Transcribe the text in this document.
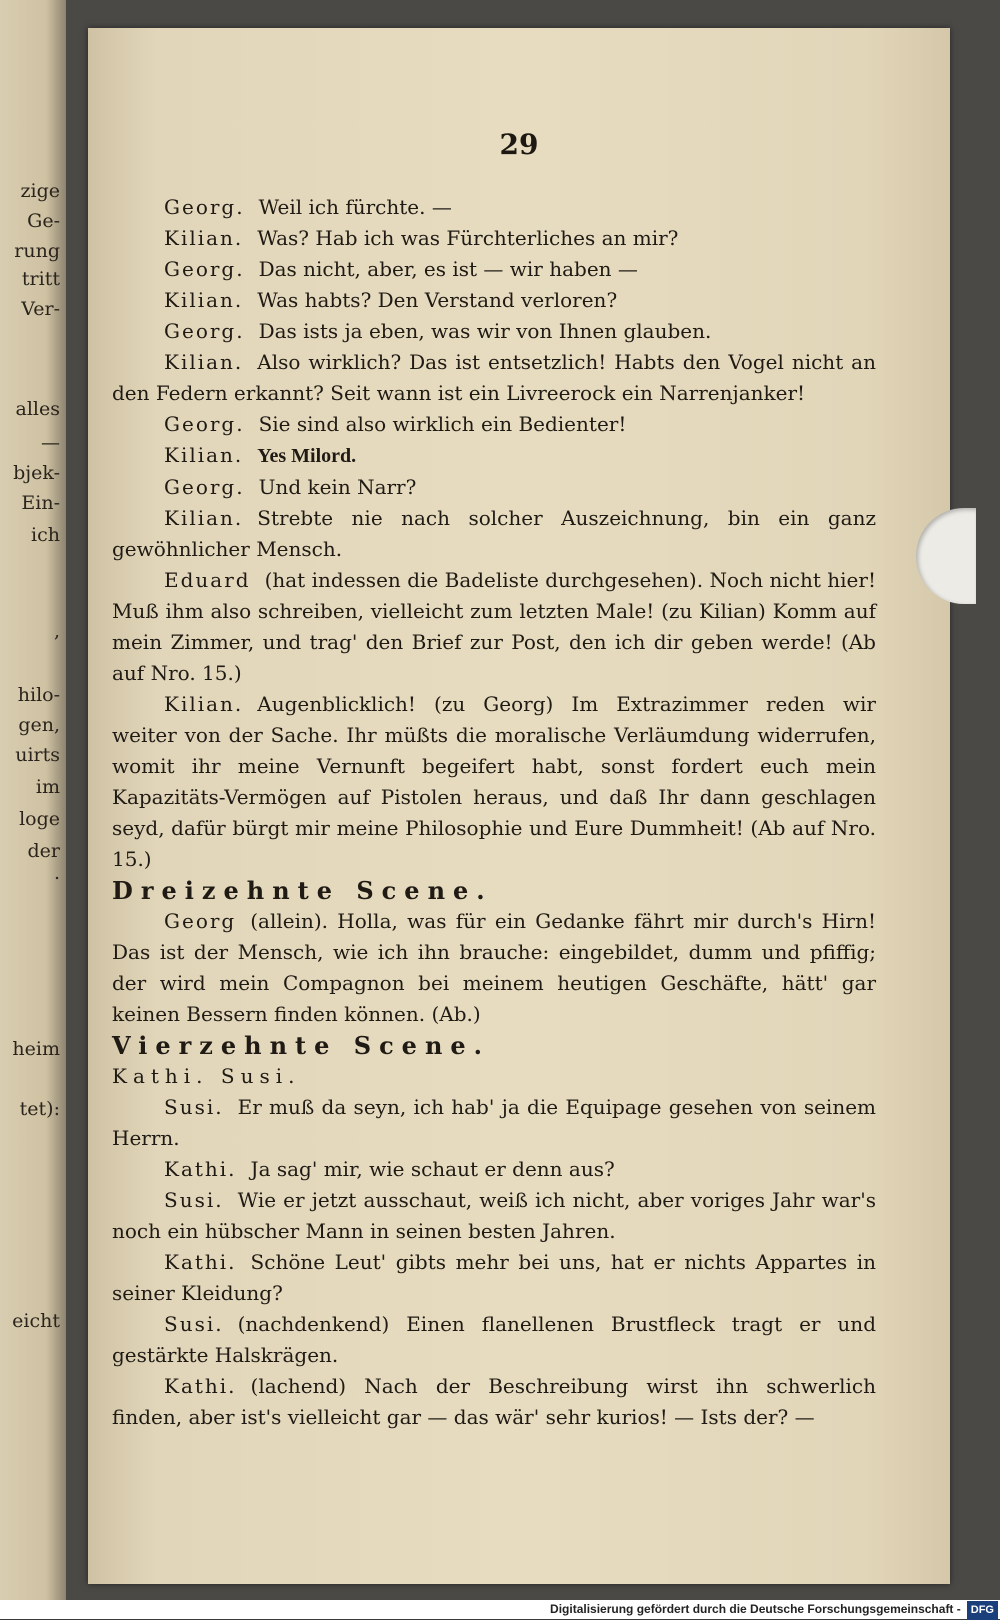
zige
Ge-
rung
tritt
Ver-
alles
—
bjek-
Ein-
ich
,
hilo-
gen,
uirts
im
loge
der
.
heim
tet):
eicht
29

Georg. Weil ich fürchte. —

Kilian. Was? Hab ich was Fürchterliches an mir?

Georg. Das nicht, aber, es ist — wir haben —

Kilian. Was habts? Den Verstand verloren?

Georg. Das ists ja eben, was wir von Ihnen glauben.

Kilian. Also wirklich? Das ist entsetzlich! Habts den Vogel nicht an den Federn erkannt? Seit wann ist ein Livreerock ein Narrenjanker!

Georg. Sie sind also wirklich ein Bedienter!

Kilian. Yes Milord.

Georg. Und kein Narr?

Kilian. Strebte nie nach solcher Auszeichnung, bin ein ganz gewöhnlicher Mensch.

Eduard (hat indessen die Badeliste durchgesehen). Noch nicht hier! Muß ihm also schreiben, vielleicht zum letzten Male! (zu Kilian) Komm auf mein Zimmer, und trag' den Brief zur Post, den ich dir geben werde! (Ab auf Nro. 15.)

Kilian. Augenblicklich! (zu Georg) Im Extrazimmer reden wir weiter von der Sache. Ihr müßts die moralische Verläumdung widerrufen, womit ihr meine Vernunft begeifert habt, sonst fordert euch mein Kapazitäts-Vermögen auf Pistolen heraus, und daß Ihr dann geschlagen seyd, dafür bürgt mir meine Philosophie und Eure Dummheit! (Ab auf Nro. 15.)

Dreizehnte Scene.

Georg (allein). Holla, was für ein Gedanke fährt mir durch's Hirn! Das ist der Mensch, wie ich ihn brauche: eingebildet, dumm und pfiffig; der wird mein Compagnon bei meinem heutigen Geschäfte, hätt' gar keinen Bessern finden können. (Ab.)

Vierzehnte Scene.

Kathi. Susi.

Susi. Er muß da seyn, ich hab' ja die Equipage gesehen von seinem Herrn.

Kathi. Ja sag' mir, wie schaut er denn aus?

Susi. Wie er jetzt ausschaut, weiß ich nicht, aber voriges Jahr war's noch ein hübscher Mann in seinen besten Jahren.

Kathi. Schöne Leut' gibts mehr bei uns, hat er nichts Appartes in seiner Kleidung?

Susi. (nachdenkend) Einen flanellenen Brustfleck tragt er und gestärkte Halskrägen.

Kathi. (lachend) Nach der Beschreibung wirst ihn schwerlich finden, aber ist's vielleicht gar — das wär' sehr kurios! — Ists der? —

Digitalisierung gefördert durch die Deutsche Forschungsgemeinschaft - DFG
